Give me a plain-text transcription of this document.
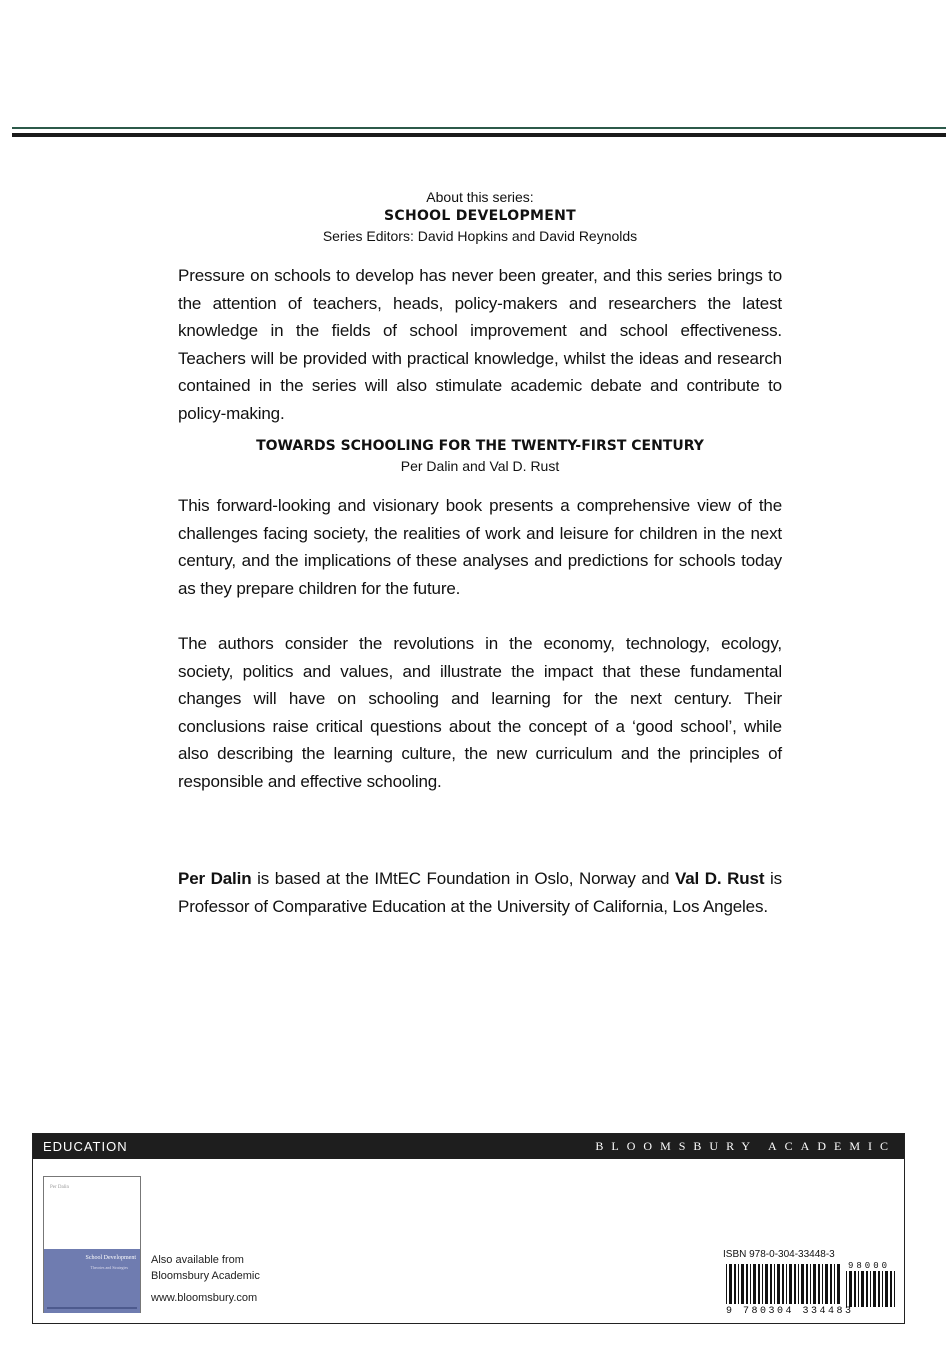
About this series:
SCHOOL DEVELOPMENT
Series Editors: David Hopkins and David Reynolds
Pressure on schools to develop has never been greater, and this series brings to the attention of teachers, heads, policy-makers and researchers the latest knowledge in the fields of school improvement and school effectiveness. Teachers will be provided with practical knowledge, whilst the ideas and research contained in the series will also stimulate academic debate and contribute to policy-making.
TOWARDS SCHOOLING FOR THE TWENTY-FIRST CENTURY
Per Dalin and Val D. Rust
This forward-looking and visionary book presents a comprehensive view of the challenges facing society, the realities of work and leisure for children in the next century, and the implications of these analyses and predictions for schools today as they prepare children for the future.
The authors consider the revolutions in the economy, technology, ecology, society, politics and values, and illustrate the impact that these fundamental changes will have on schooling and learning for the next century. Their conclusions raise critical questions about the concept of a ‘good school’, while also describing the learning culture, the new curriculum and the principles of responsible and effective schooling.
Per Dalin is based at the IMtEC Foundation in Oslo, Norway and Val D. Rust is Professor of Comparative Education at the University of California, Los Angeles.
EDUCATION	BLOOMSBURY ACADEMIC
Per Dalin
School Development
Theories and Strategies
Also available from
Bloomsbury Academic
www.bloomsbury.com
ISBN 978-0-304-33448-3
98000
9 780304 334483
